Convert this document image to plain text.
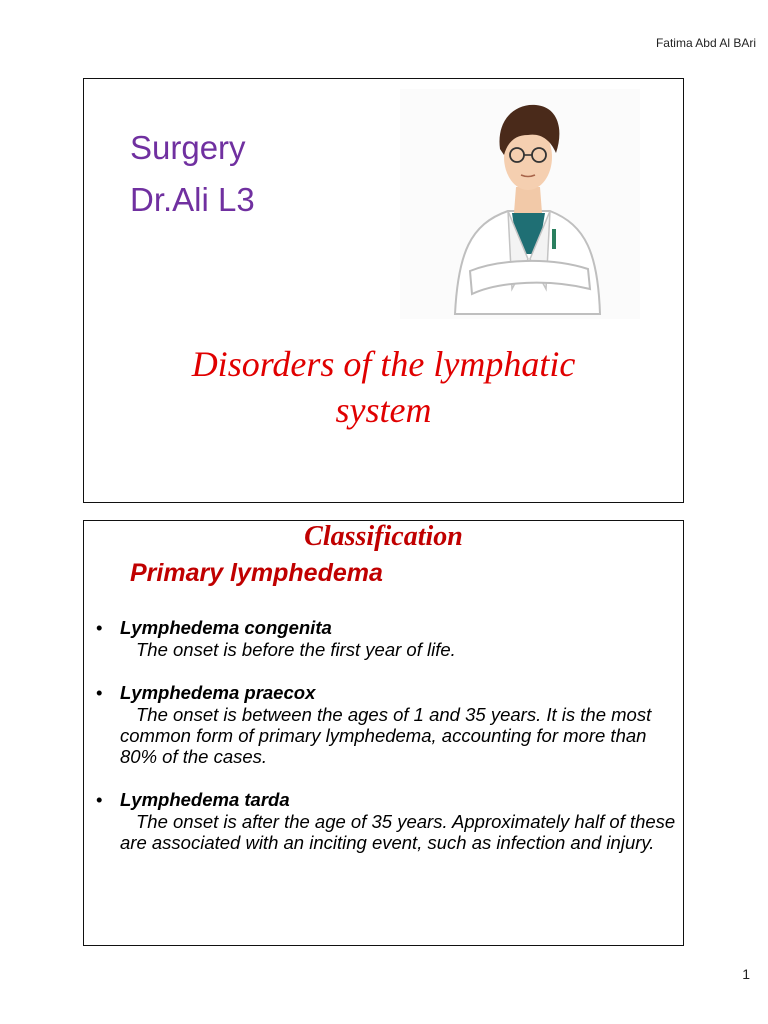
Fatima Abd Al BAri
Surgery
Dr.Ali L3
Disorders of the lymphatic
system
Classification
Primary lymphedema
• Lymphedema congenita
The onset is before the first year of life.
• Lymphedema praecox
The onset is between the ages of 1 and 35 years. It is the most common form of primary lymphedema, accounting for more than 80% of the cases.
• Lymphedema tarda
The onset is after the age of 35 years. Approximately half of these are associated with an inciting event, such as infection and injury.
1
